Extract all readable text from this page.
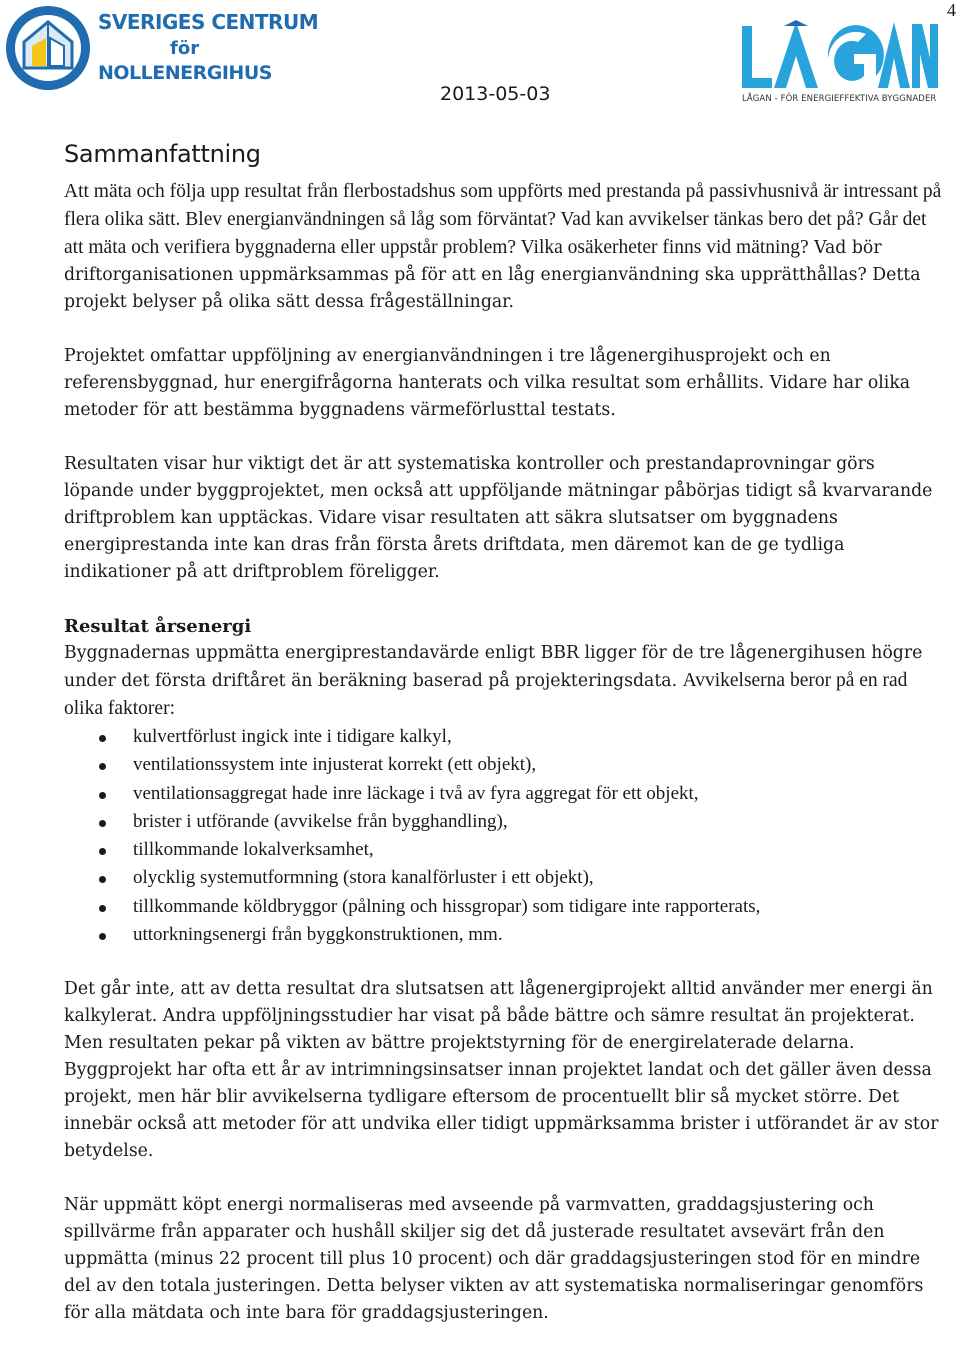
4
SVERIGES CENTRUM
för
NOLLENERGIHUS
2013-05-03	LÅGAN - FÖR ENERGIEFFEKTIVA BYGGNADER
Sammanfattning

Att mäta och följa upp resultat från flerbostadshus som uppförts med prestanda på passivhusnivå är intressant på flera olika sätt. Blev energianvändningen så låg som förväntat? Vad kan avvikelser tänkas bero det på? Går det att mäta och verifiera byggnaderna eller uppstår problem? Vilka osäkerheter finns vid mätning? Vad bör driftorganisationen uppmärksammas på för att en låg energianvändning ska upprätthållas? Detta projekt belyser på olika sätt dessa frågeställningar.

Projektet omfattar uppföljning av energianvändningen i tre lågenergihusprojekt och en referensbyggnad, hur energifrågorna hanterats och vilka resultat som erhållits. Vidare har olika metoder för att bestämma byggnadens värmeförlusttal testats.

Resultaten visar hur viktigt det är att systematiska kontroller och prestandaprovningar görs löpande under byggprojektet, men också att uppföljande mätningar påbörjas tidigt så kvarvarande driftproblem kan upptäckas. Vidare visar resultaten att säkra slutsatser om byggnadens energiprestanda inte kan dras från första årets driftdata, men däremot kan de ge tydliga indikationer på att driftproblem föreligger.

Resultat årsenergi

Byggnadernas uppmätta energiprestandavärde enligt BBR ligger för de tre lågenergihusen högre under det första driftåret än beräkning baserad på projekteringsdata. Avvikelserna beror på en rad olika faktorer:

kulvertförlust ingick inte i tidigare kalkyl,
ventilationssystem inte injusterat korrekt (ett objekt),
ventilationsaggregat hade inre läckage i två av fyra aggregat för ett objekt,
brister i utförande (avvikelse från bygghandling),
tillkommande lokalverksamhet,
olycklig systemutformning (stora kanalförluster i ett objekt),
tillkommande köldbryggor (pålning och hissgropar) som tidigare inte rapporterats,
uttorkningsenergi från byggkonstruktionen, mm.

Det går inte, att av detta resultat dra slutsatsen att lågenergiprojekt alltid använder mer energi än kalkylerat. Andra uppföljningsstudier har visat på både bättre och sämre resultat än projekterat. Men resultaten pekar på vikten av bättre projektstyrning för de energirelaterade delarna. Byggprojekt har ofta ett år av intrimningsinsatser innan projektet landat och det gäller även dessa projekt, men här blir avvikelserna tydligare eftersom de procentuellt blir så mycket större. Det innebär också att metoder för att undvika eller tidigt uppmärksamma brister i utförandet är av stor betydelse.

När uppmätt köpt energi normaliseras med avseende på varmvatten, graddagsjustering och spillvärme från apparater och hushåll skiljer sig det då justerade resultatet avsevärt från den uppmätta (minus 22 procent till plus 10 procent) och där graddagsjusteringen stod för en mindre del av den totala justeringen. Detta belyser vikten av att systematiska normaliseringar genomförs för alla mätdata och inte bara för graddagsjusteringen.
